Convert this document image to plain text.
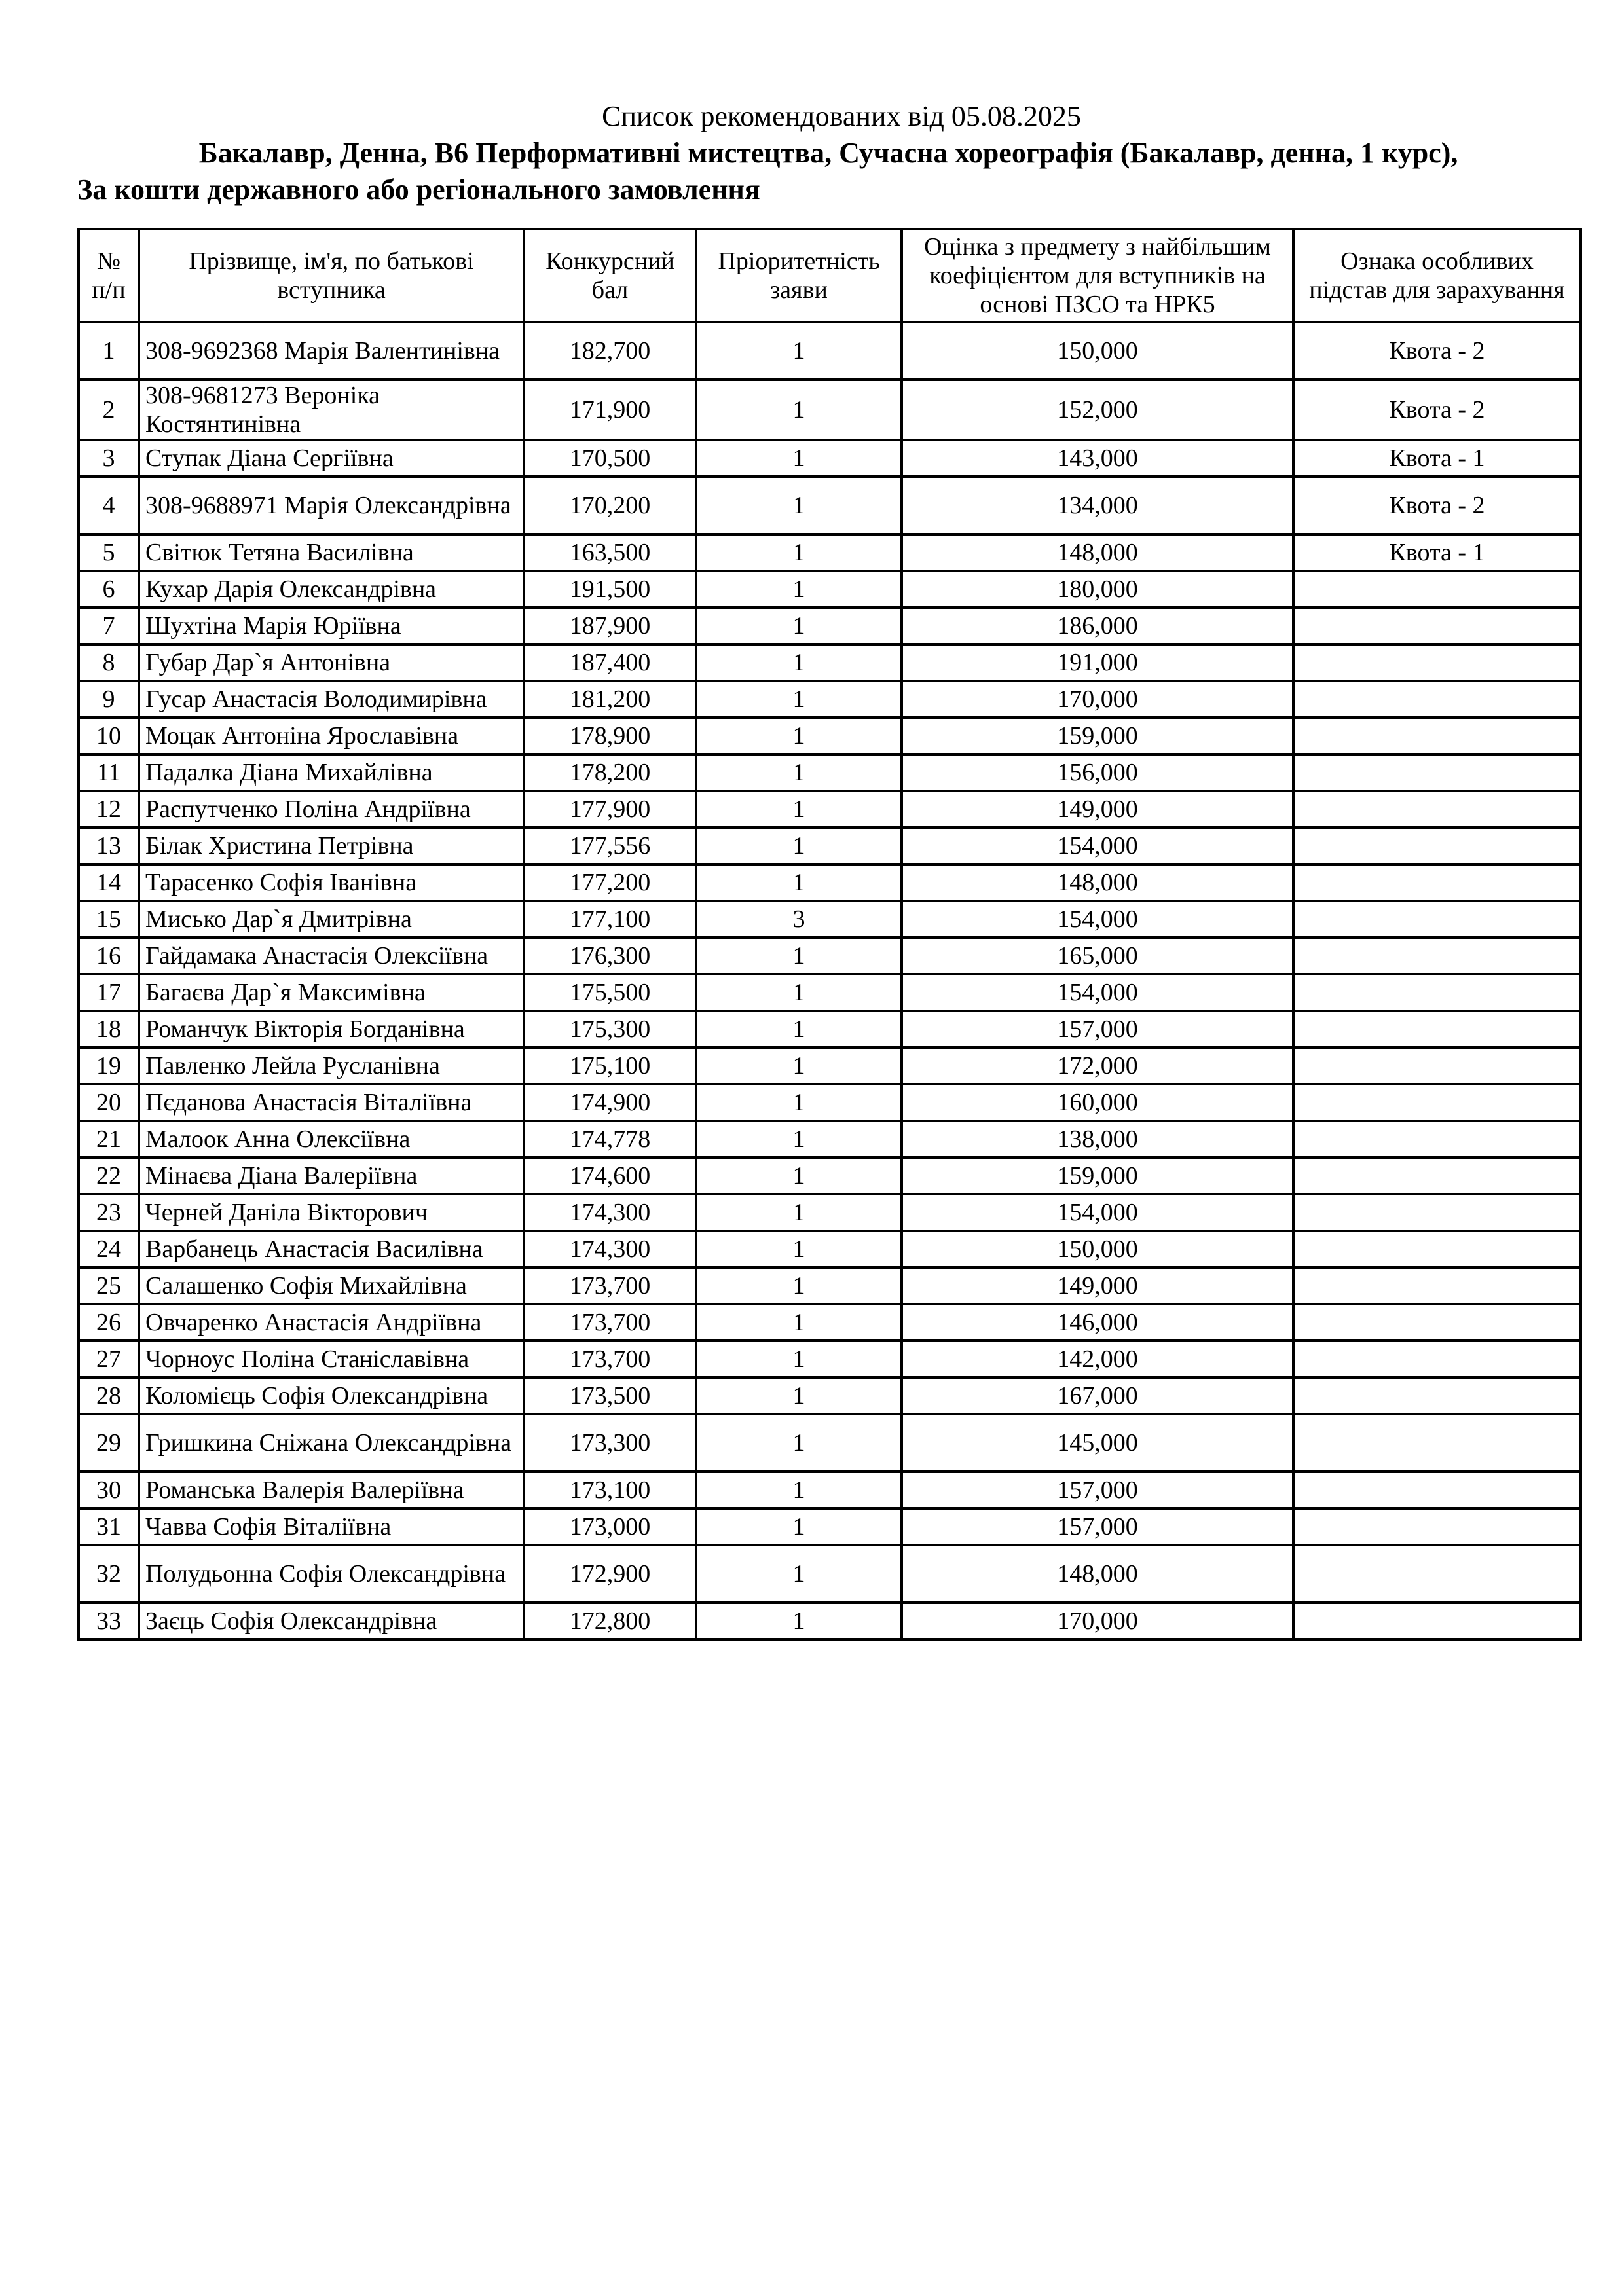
Список рекомендованих від 05.08.2025
Бакалавр, Денна, B6 Перформативні мистецтва, Сучасна хореографія (Бакалавр, денна, 1 курс),
За кошти державного або регіонального замовлення
№ п/п	Прізвище, ім'я, по батькові вступника	Конкурсний бал	Пріоритетність заяви	Оцінка з предмету з найбільшим коефіцієнтом для вступників на основі ПЗСО та НРК5	Ознака особливих підстав для зарахування
1	308-9692368 Марія Валентинівна	182,700	1	150,000	Квота - 2
2	308-9681273 Вероніка Костянтинівна	171,900	1	152,000	Квота - 2
3	Ступак Діана Сергіївна	170,500	1	143,000	Квота - 1
4	308-9688971 Марія Олександрівна	170,200	1	134,000	Квота - 2
5	Світюк Тетяна Василівна	163,500	1	148,000	Квота - 1
6	Кухар Дарія Олександрівна	191,500	1	180,000	
7	Шухтіна Марія Юріївна	187,900	1	186,000	
8	Губар Дар`я Антонівна	187,400	1	191,000	
9	Гусар Анастасія Володимирівна	181,200	1	170,000	
10	Моцак Антоніна Ярославівна	178,900	1	159,000	
11	Падалка Діана Михайлівна	178,200	1	156,000	
12	Распутченко Поліна Андріївна	177,900	1	149,000	
13	Білак Христина Петрівна	177,556	1	154,000	
14	Тарасенко Софія Іванівна	177,200	1	148,000	
15	Мисько Дар`я Дмитрівна	177,100	3	154,000	
16	Гайдамака Анастасія Олексіївна	176,300	1	165,000	
17	Багаєва Дар`я Максимівна	175,500	1	154,000	
18	Романчук Вікторія Богданівна	175,300	1	157,000	
19	Павленко Лейла Русланівна	175,100	1	172,000	
20	Пєданова Анастасія Віталіївна	174,900	1	160,000	
21	Малоок Анна Олексіївна	174,778	1	138,000	
22	Мінаєва Діана Валеріївна	174,600	1	159,000	
23	Черней Даніла Вікторович	174,300	1	154,000	
24	Варбанець Анастасія Василівна	174,300	1	150,000	
25	Салашенко Софія Михайлівна	173,700	1	149,000	
26	Овчаренко Анастасія Андріївна	173,700	1	146,000	
27	Чорноус Поліна Станіславівна	173,700	1	142,000	
28	Коломієць Софія Олександрівна	173,500	1	167,000	
29	Гришкина Сніжана Олександрівна	173,300	1	145,000	
30	Романська Валерія Валеріївна	173,100	1	157,000	
31	Чавва Софія Віталіївна	173,000	1	157,000	
32	Полудьонна Софія Олександрівна	172,900	1	148,000	
33	Заєць Софія Олександрівна	172,800	1	170,000	
